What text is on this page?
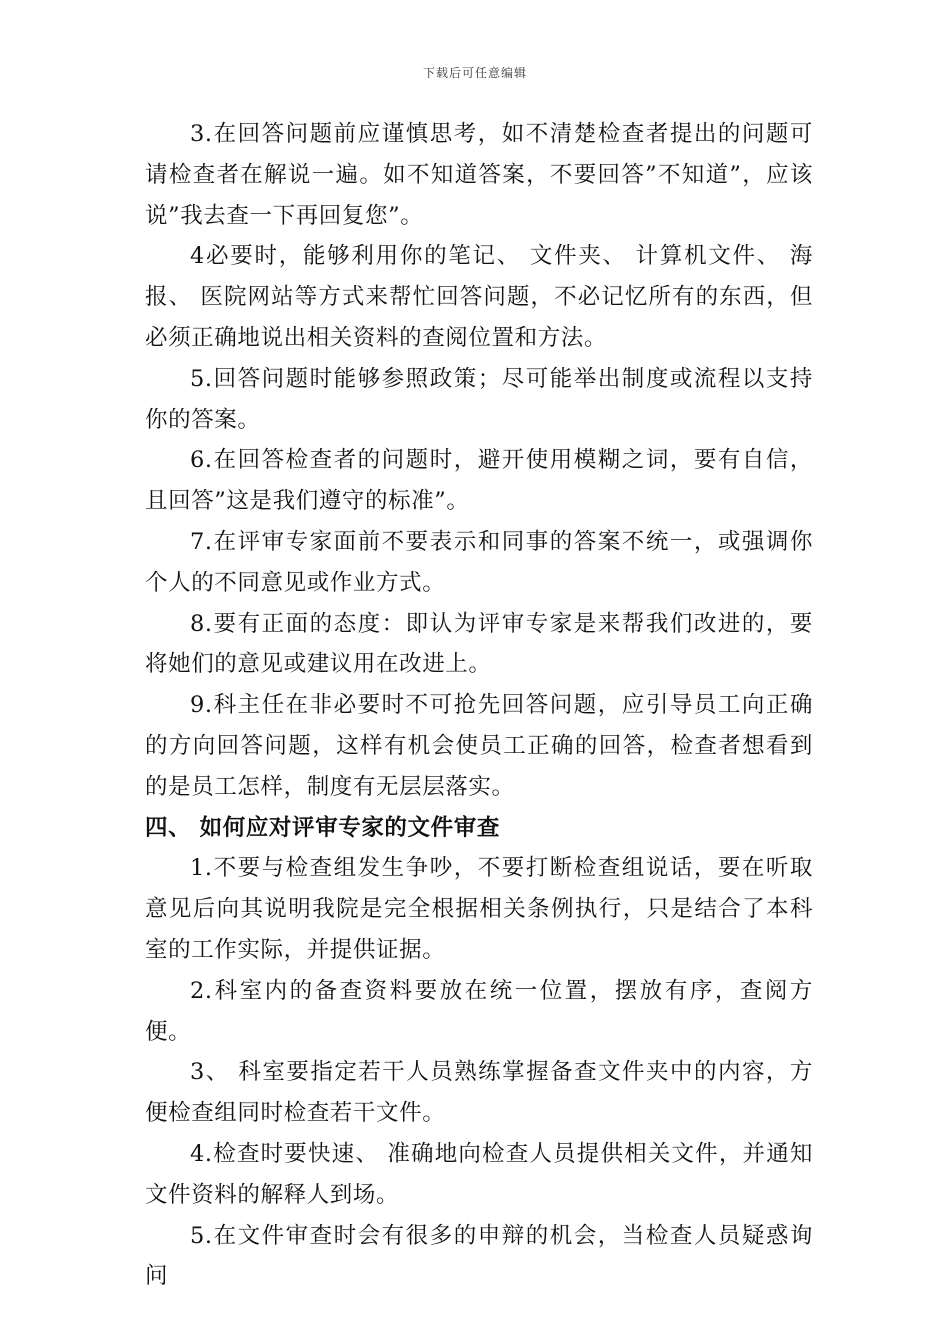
下载后可任意编辑

3.在回答问题前应谨慎思考，如不清楚检查者提出的问题可请检查者在解说一遍。如不知道答案，不要回答”不知道”，应该说”我去查一下再回复您”。

4必要时，能够利用你的笔记、 文件夹、 计算机文件、 海报、 医院网站等方式来帮忙回答问题，不必记忆所有的东西，但必须正确地说出相关资料的查阅位置和方法。

5.回答问题时能够参照政策；尽可能举出制度或流程以支持你的答案。

6.在回答检查者的问题时，避开使用模糊之词，要有自信，且回答”这是我们遵守的标准”。

7.在评审专家面前不要表示和同事的答案不统一，或强调你个人的不同意见或作业方式。

8.要有正面的态度：即认为评审专家是来帮我们改进的，要将她们的意见或建议用在改进上。

9.科主任在非必要时不可抢先回答问题，应引导员工向正确的方向回答问题，这样有机会使员工正确的回答，检查者想看到的是员工怎样，制度有无层层落实。

四、 如何应对评审专家的文件审查

1.不要与检查组发生争吵，不要打断检查组说话，要在听取意见后向其说明我院是完全根据相关条例执行，只是结合了本科室的工作实际，并提供证据。

2.科室内的备查资料要放在统一位置，摆放有序，查阅方便。

3、 科室要指定若干人员熟练掌握备查文件夹中的内容，方便检查组同时检查若干文件。

4.检查时要快速、 准确地向检查人员提供相关文件，并通知文件资料的解释人到场。

5.在文件审查时会有很多的申辩的机会，当检查人员疑惑询问
